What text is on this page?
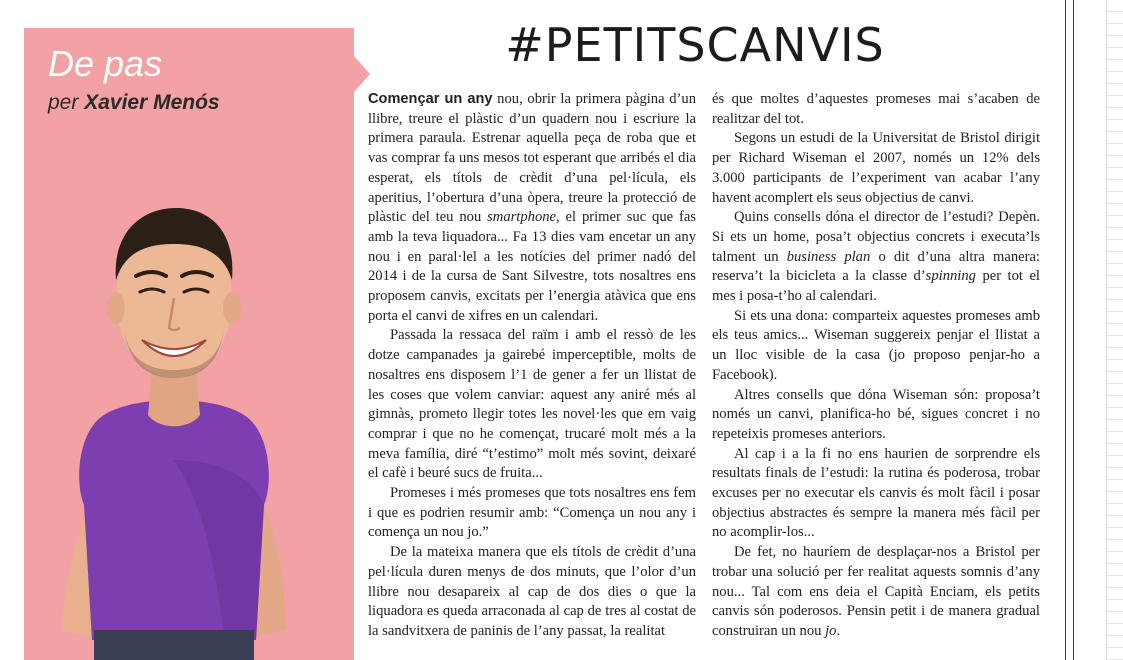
De pas
per Xavier Menós
#PETITSCANVIS

Començar un any nou, obrir la primera pàgina d’un llibre, treure el plàstic d’un quadern nou i escriure la primera paraula. Estrenar aquella peça de roba que et vas comprar fa uns mesos tot esperant que arribés el dia esperat, els títols de crèdit d’una pel·lícula, els aperitius, l’obertura d’una òpera, treure la protecció de plàstic del teu nou smartphone, el primer suc que fas amb la teva liquadora... Fa 13 dies vam encetar un any nou i en paral·lel a les notícies del primer nadó del 2014 i de la cursa de Sant Silvestre, tots nosaltres ens proposem canvis, excitats per l’energia atàvica que ens porta el canvi de xifres en un calendari.

Passada la ressaca del raïm i amb el ressò de les dotze campanades ja gairebé imperceptible, molts de nosaltres ens disposem l’1 de gener a fer un llistat de les coses que volem canviar: aquest any aniré més al gimnàs, prometo llegir totes les novel·les que em vaig comprar i que no he començat, trucaré molt més a la meva família, diré “t’estimo” molt més sovint, deixaré el cafè i beuré sucs de fruita...

Promeses i més promeses que tots nosaltres ens fem i que es podrien resumir amb: “Comença un nou any i comença un nou jo.”

De la mateixa manera que els títols de crèdit d’una pel·lícula duren menys de dos minuts, que l’olor d’un llibre nou desapareix al cap de dos dies o que la liquadora es queda arraconada al cap de tres al costat de la sandvitxera de paninis de l’any passat, la realitat

és que moltes d’aquestes promeses mai s’acaben de realitzar del tot.

Segons un estudi de la Universitat de Bristol dirigit per Richard Wiseman el 2007, només un 12% dels 3.000 participants de l’experiment van acabar l’any havent acomplert els seus objectius de canvi.

Quins consells dóna el director de l’estudi? Depèn. Si ets un home, posa’t objectius concrets i executa’ls talment un business plan o dit d’una altra manera: reserva’t la bicicleta a la classe d’spinning per tot el mes i posa-t’ho al calendari.

Si ets una dona: comparteix aquestes promeses amb els teus amics... Wiseman suggereix penjar el llistat a un lloc visible de la casa (jo proposo penjar-ho a Facebook).

Altres consells que dóna Wiseman són: proposa’t només un canvi, planifica-ho bé, sigues concret i no repeteixis promeses anteriors.

Al cap i a la fi no ens haurien de sorprendre els resultats finals de l’estudi: la rutina és poderosa, trobar excuses per no executar els canvis és molt fàcil i posar objectius abstractes és sempre la manera més fàcil per no acomplir-los...

De fet, no hauríem de desplaçar-nos a Bristol per trobar una solució per fer realitat aquests somnis d’any nou... Tal com ens deia el Capità Enciam, els petits canvis són poderosos. Pensin petit i de manera gradual construiran un nou jo.
